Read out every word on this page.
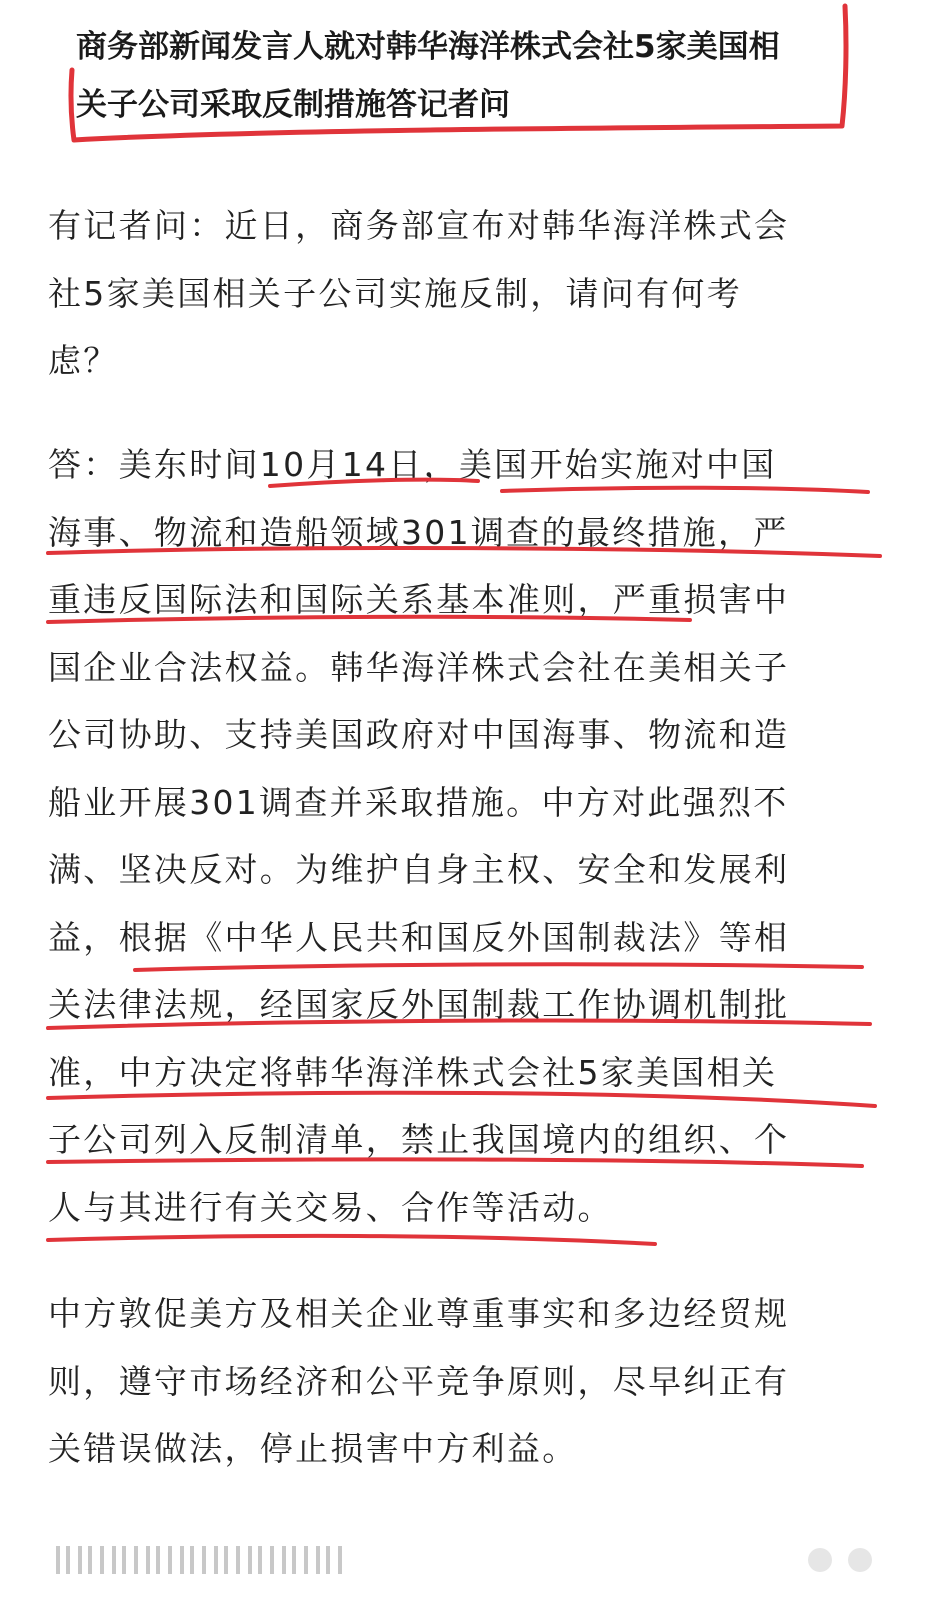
商务部新闻发言人就对韩华海洋株式会社5家美国相
关子公司采取反制措施答记者问
有记者问：近日，商务部宣布对韩华海洋株式会
社5家美国相关子公司实施反制，请问有何考
虑？
答：美东时间10月14日，美国开始实施对中国
海事、物流和造船领域301调查的最终措施，严
重违反国际法和国际关系基本准则，严重损害中
国企业合法权益。韩华海洋株式会社在美相关子
公司协助、支持美国政府对中国海事、物流和造
船业开展301调查并采取措施。中方对此强烈不
满、坚决反对。为维护自身主权、安全和发展利
益，根据《中华人民共和国反外国制裁法》等相
关法律法规，经国家反外国制裁工作协调机制批
准，中方决定将韩华海洋株式会社5家美国相关
子公司列入反制清单，禁止我国境内的组织、个
人与其进行有关交易、合作等活动。
中方敦促美方及相关企业尊重事实和多边经贸规
则，遵守市场经济和公平竞争原则，尽早纠正有
关错误做法，停止损害中方利益。
